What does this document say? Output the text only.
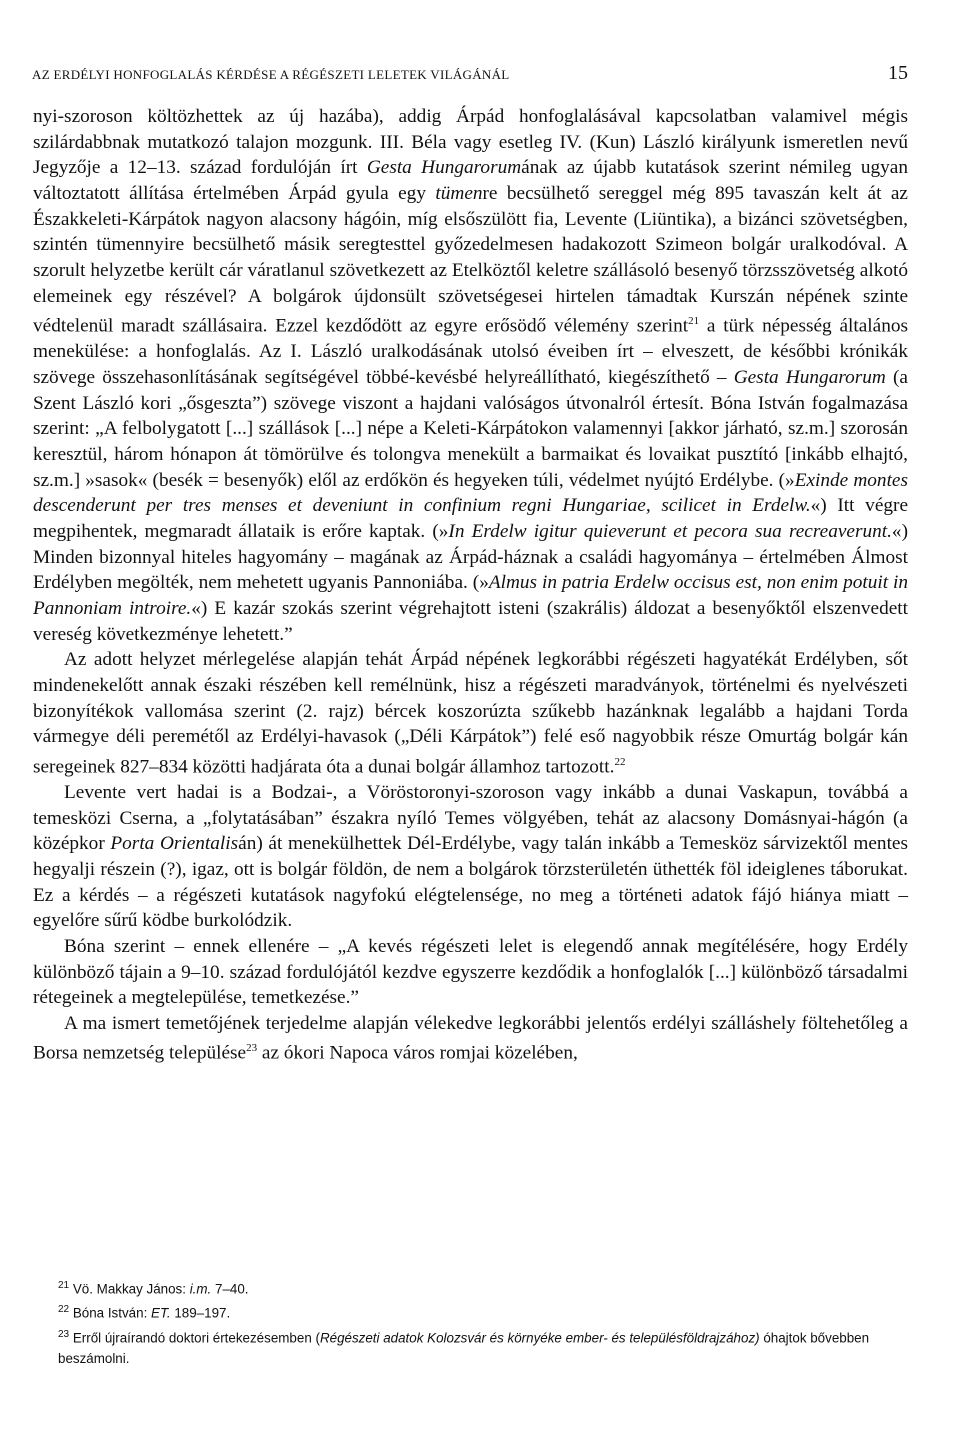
AZ ERDÉLYI HONFOGLALÁS KÉRDÉSE A RÉGÉSZETI LELETEK VILÁGÁNÁL	15

nyi-szoroson költözhettek az új hazába), addig Árpád honfoglalásával kapcsolatban valamivel mégis szilárdabbnak mutatkozó talajon mozgunk. III. Béla vagy esetleg IV. (Kun) László királyunk ismeretlen nevű Jegyzője a 12–13. század fordulóján írt Gesta Hungarorumának az újabb kutatások szerint némileg ugyan változtatott állítása értelmében Árpád gyula egy tümenre becsülhető sereggel még 895 tavaszán kelt át az Északkeleti-Kárpátok nagyon alacsony hágóin, míg elsőszülött fia, Levente (Liüntika), a bizánci szövetségben, szintén tümennyire becsülhető másik seregtesttel győzedelmesen hadakozott Szimeon bolgár uralkodóval. A szorult helyzetbe került cár váratlanul szövetkezett az Etelköztől keletre szállásoló besenyő törzsszövetség alkotó elemeinek egy részével? A bolgárok újdonsült szövetségesei hirtelen támadtak Kurszán népének szinte védtelenül maradt szállásaira. Ezzel kezdődött az egyre erősödő vélemény szerint$^{21}$ a türk népesség általános menekülése: a honfoglalás. Az I. László uralkodásának utolsó éveiben írt – elveszett, de későbbi krónikák szövege összehasonlításának segítségével többé-kevésbé helyreállítható, kiegészíthető – Gesta Hungarorum (a Szent László kori „ősgeszta”) szövege viszont a hajdani valóságos útvonalról értesít. Bóna István fogalmazása szerint: „A felbolygatott [...] szállások [...] népe a Keleti-Kárpátokon valamennyi [akkor járható, sz.m.] szorosán keresztül, három hónapon át tömörülve és tolongva menekült a barmaikat és lovaikat pusztító [inkább elhajtó, sz.m.] »sasok« (besék = besenyők) elől az erdőkön és hegyeken túli, védelmet nyújtó Erdélybe. (»Exinde montes descenderunt per tres menses et deveniunt in confinium regni Hungariae, scilicet in Erdelw.«) Itt végre megpihentek, megmaradt állataik is erőre kaptak. (»In Erdelw igitur quieverunt et pecora sua recreaverunt.«) Minden bizonnyal hiteles hagyomány – magának az Árpád-háznak a családi hagyománya – értelmében Álmost Erdélyben megölték, nem mehetett ugyanis Pannoniába. (»Almus in patria Erdelw occisus est, non enim potuit in Pannoniam introire.«) E kazár szokás szerint végrehajtott isteni (szakrális) áldozat a besenyőktől elszenvedett vereség következménye lehetett.”

Az adott helyzet mérlegelése alapján tehát Árpád népének legkorábbi régészeti hagyatékát Erdélyben, sőt mindenekelőtt annak északi részében kell remélnünk, hisz a régészeti maradványok, történelmi és nyelvészeti bizonyítékok vallomása szerint (2. rajz) bércek koszorúzta szűkebb hazánknak legalább a hajdani Torda vármegye déli peremétől az Erdélyi-havasok („Déli Kárpátok”) felé eső nagyobbik része Omurtág bolgár kán seregeinek 827–834 közötti hadjárata óta a dunai bolgár államhoz tartozott.$^{22}$

Levente vert hadai is a Bodzai-, a Vöröstoronyi-szoroson vagy inkább a dunai Vaskapun, továbbá a temesközi Cserna, a „folytatásában” északra nyíló Temes völgyében, tehát az alacsony Domásnyai-hágón (a középkor Porta Orientalisán) át menekülhettek Dél-Erdélybe, vagy talán inkább a Temesköz sárvizektől mentes hegyalji részein (?), igaz, ott is bolgár földön, de nem a bolgárok törzsterületén üthették föl ideiglenes táborukat. Ez a kérdés – a régészeti kutatások nagyfokú elégtelensége, no meg a történeti adatok fájó hiánya miatt – egyelőre sűrű ködbe burkolódzik.

Bóna szerint – ennek ellenére – „A kevés régészeti lelet is elegendő annak megítélésére, hogy Erdély különböző tájain a 9–10. század fordulójától kezdve egyszerre kezdődik a honfoglalók [...] különböző társadalmi rétegeinek a megtelepülése, temetkezése.”

A ma ismert temetőjének terjedelme alapján vélekedve legkorábbi jelentős erdélyi szálláshely föltehetőleg a Borsa nemzetség települése$^{23}$ az ókori Napoca város romjai közelében,

$^{21}$ Vö. Makkay János: i.m. 7–40.

$^{22}$ Bóna István: ET. 189–197.

$^{23}$ Erről újraírandó doktori értekezésemben (Régészeti adatok Kolozsvár és környéke ember- és településföldrajzához) óhajtok bővebben beszámolni.
